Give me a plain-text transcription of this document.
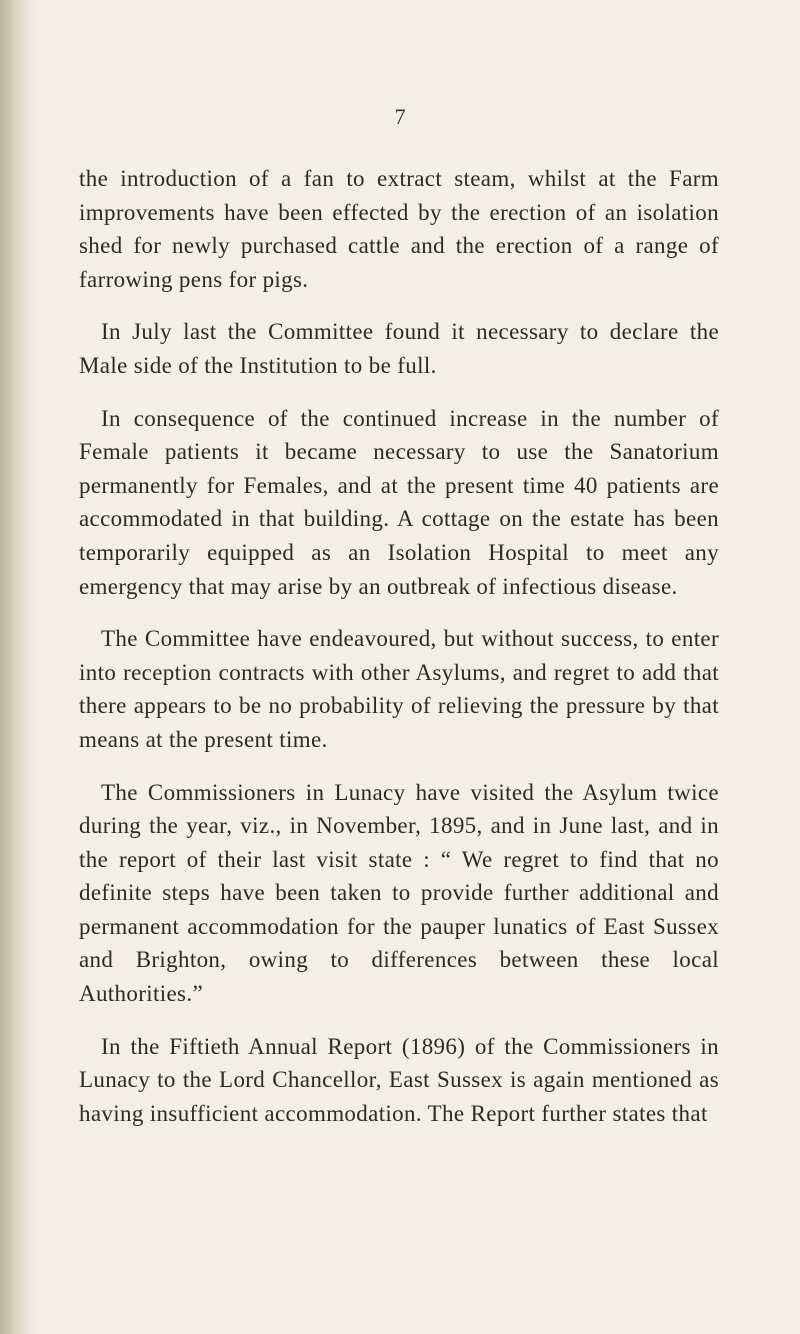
7

the introduction of a fan to extract steam, whilst at the Farm improvements have been effected by the erection of an isolation shed for newly purchased cattle and the erection of a range of farrowing pens for pigs.

In July last the Committee found it necessary to declare the Male side of the Institution to be full.

In consequence of the continued increase in the number of Female patients it became necessary to use the Sanatorium permanently for Females, and at the present time 40 patients are accommodated in that building. A cottage on the estate has been temporarily equipped as an Isolation Hospital to meet any emergency that may arise by an outbreak of infectious disease.

The Committee have endeavoured, but without success, to enter into reception contracts with other Asylums, and regret to add that there appears to be no probability of relieving the pressure by that means at the present time.

The Commissioners in Lunacy have visited the Asylum twice during the year, viz., in November, 1895, and in June last, and in the report of their last visit state : “ We regret to find that no definite steps have been taken to provide further additional and permanent accommodation for the pauper lunatics of East Sussex and Brighton, owing to differences between these local Authorities.”

In the Fiftieth Annual Report (1896) of the Commissioners in Lunacy to the Lord Chancellor, East Sussex is again mentioned as having insufficient accommodation. The Report further states that
